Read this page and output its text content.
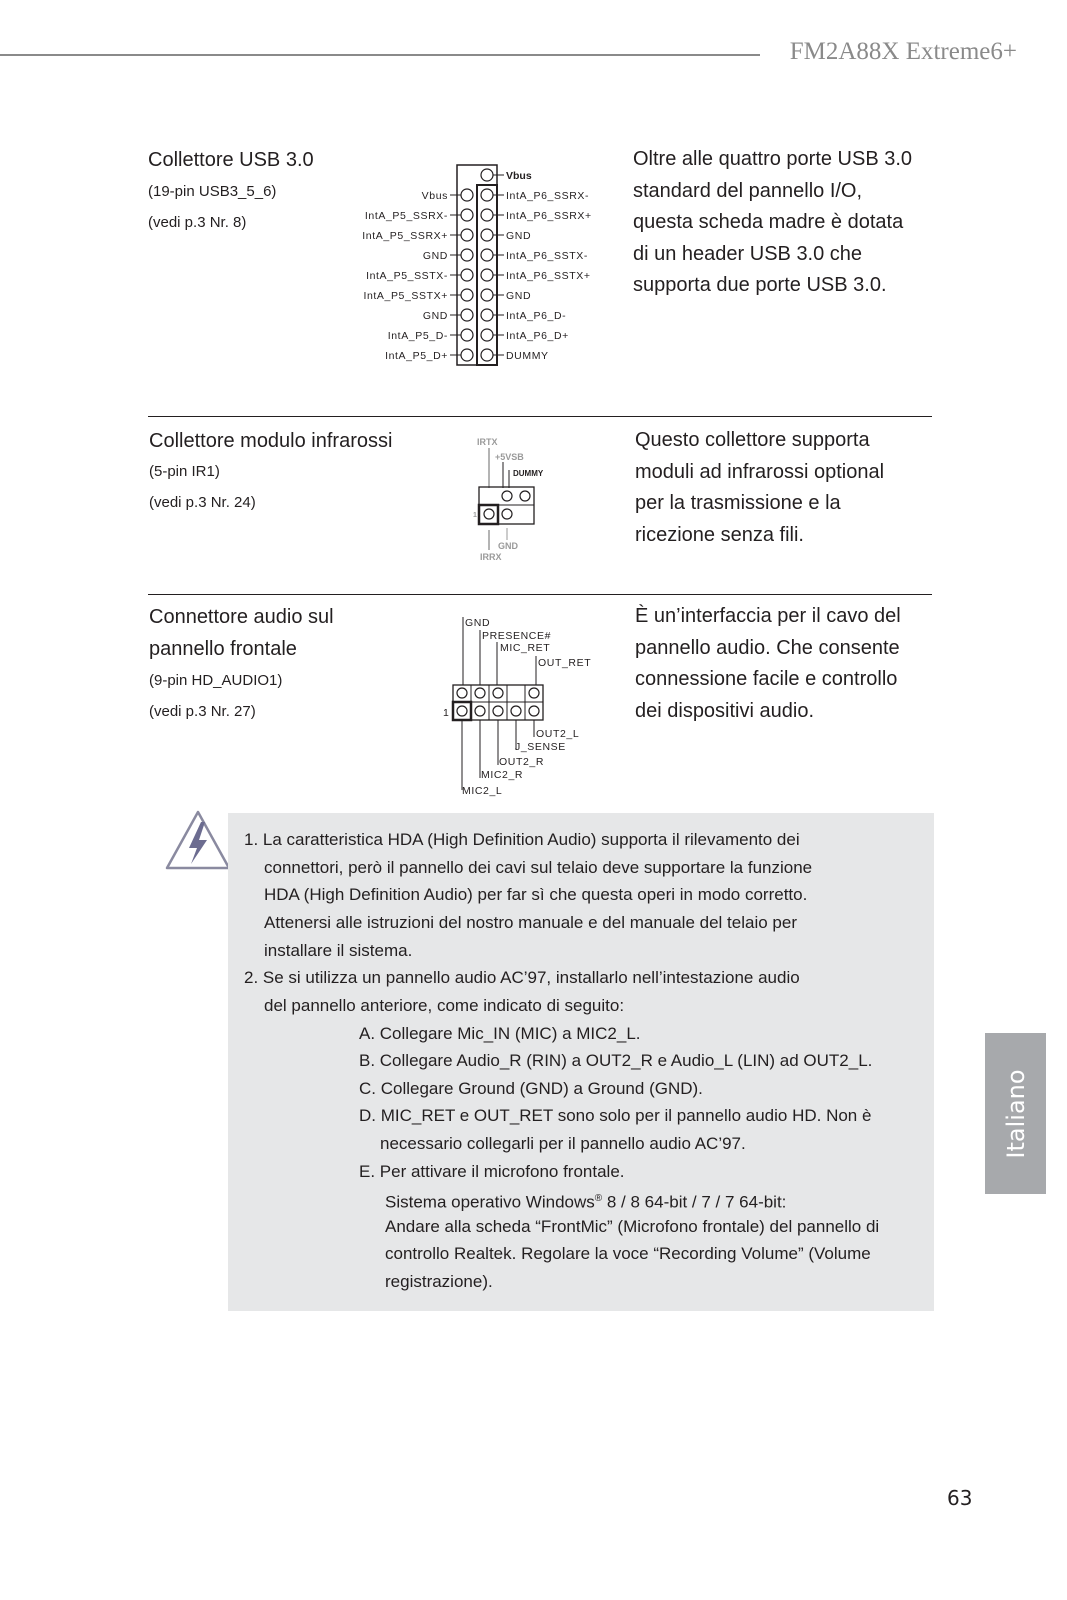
FM2A88X Extreme6+
Collettore USB 3.0
(19-pin USB3_5_6)
(vedi p.3 Nr. 8)
Vbus
IntA_P6_SSRX-
IntA_P6_SSRX+
GND
IntA_P6_SSTX-
IntA_P6_SSTX+
GND
IntA_P6_D-
IntA_P6_D+
DUMMY
Vbus
IntA_P5_SSRX-
IntA_P5_SSRX+
GND
IntA_P5_SSTX-
IntA_P5_SSTX+
GND
IntA_P5_D-
IntA_P5_D+
Oltre alle quattro porte USB 3.0
standard del pannello I/O,
questa scheda madre è dotata
di un header USB 3.0 che
supporta due porte USB 3.0.
Collettore modulo infrarossi
(5-pin IR1)
(vedi p.3 Nr. 24)
IRTX
+5VSB
DUMMY
1
GND
IRRX
Questo collettore supporta
moduli ad infrarossi optional
per la trasmissione e la
ricezione senza fili.
Connettore audio sul
pannello frontale
(9-pin HD_AUDIO1)
(vedi p.3 Nr. 27)
GND
PRESENCE#
MIC_RET
OUT_RET
1
OUT2_L
J_SENSE
OUT2_R
MIC2_R
MIC2_L
È un’interfaccia per il cavo del
pannello audio. Che consente
connessione facile e controllo
dei dispositivi audio.
1. La caratteristica HDA (High Definition Audio) supporta il rilevamento dei
connettori, però il pannello dei cavi sul telaio deve supportare la funzione
HDA (High Definition Audio) per far sì che questa operi in modo corretto.
Attenersi alle istruzioni del nostro manuale e del manuale del telaio per
installare il sistema.
2. Se si utilizza un pannello audio AC’97, installarlo nell’intestazione audio
del pannello anteriore, come indicato di seguito:
A. Collegare Mic_IN (MIC) a MIC2_L.
B. Collegare Audio_R (RIN) a OUT2_R e Audio_L (LIN) ad OUT2_L.
C. Collegare Ground (GND) a Ground (GND).
D. MIC_RET e OUT_RET sono solo per il pannello audio HD. Non è
necessario collegarli per il pannello audio AC’97.
E. Per attivare il microfono frontale.
Sistema operativo Windows® 8 / 8 64-bit / 7 / 7 64-bit:
Andare alla scheda “FrontMic” (Microfono frontale) del pannello di
controllo Realtek. Regolare la voce “Recording Volume” (Volume
registrazione).
Italiano
63
